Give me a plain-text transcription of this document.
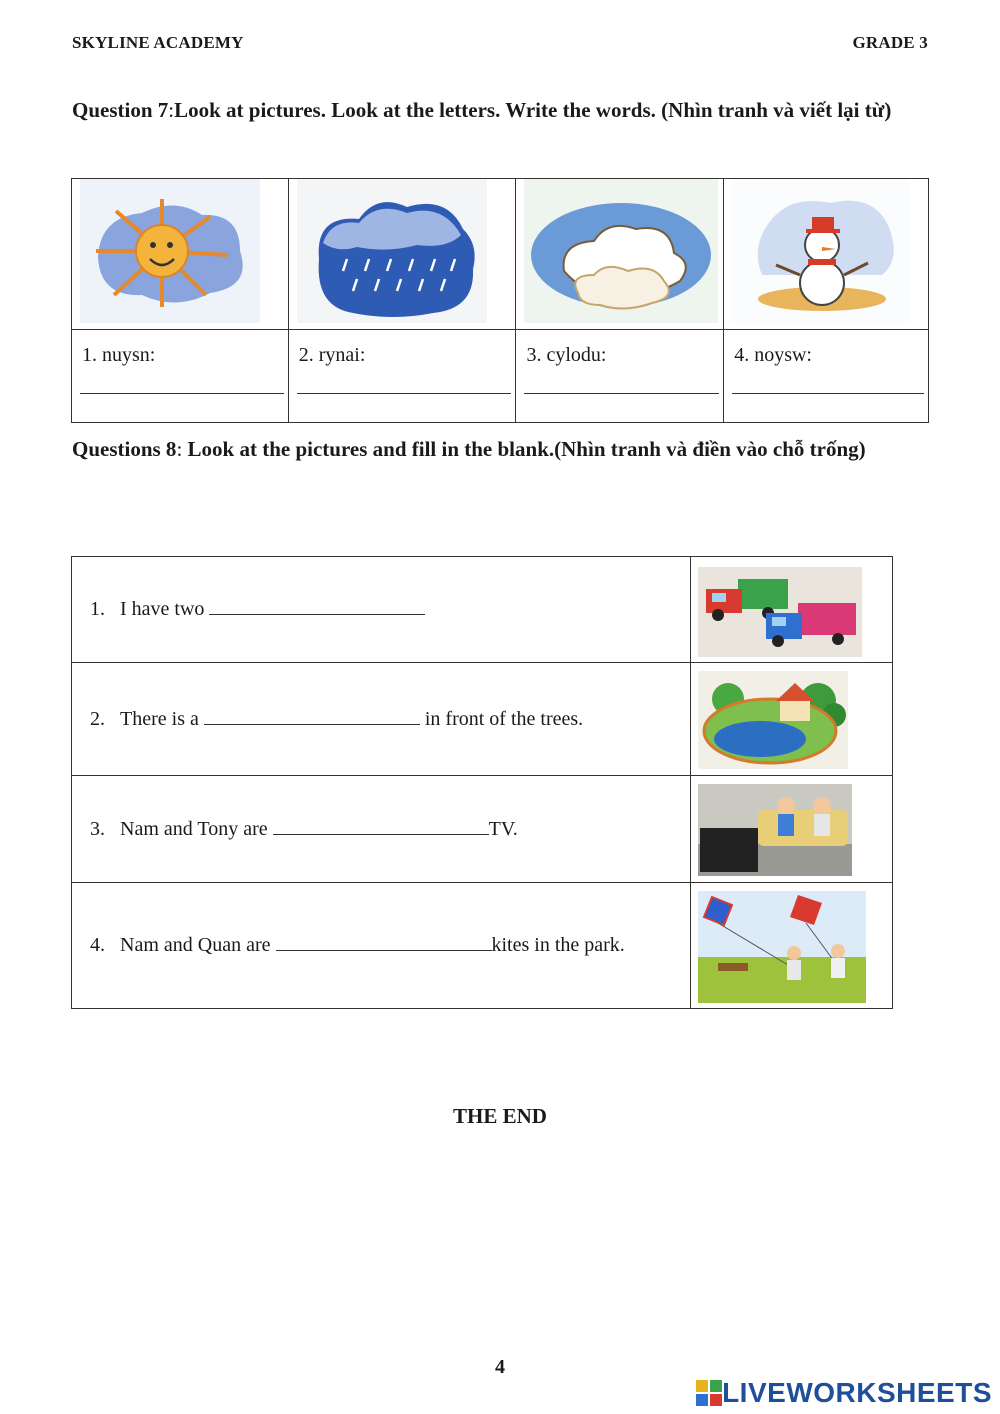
SKYLINE ACADEMY	GRADE 3
Question 7:Look at pictures. Look at the letters. Write the words. (Nhìn tranh và viết lại từ)

1. nuysn:	2. rynai:	3. cylodu:	4. noysw:
Questions 8: Look at the pictures and fill in the blank.(Nhìn tranh và điền vào chỗ trống)
1. I have two	

2. There is a in front of the trees.	

3. Nam and Tony are TV.	

4. Nam and Quan are kites in the park.	
THE END
4
LIVEWORKSHEETS
